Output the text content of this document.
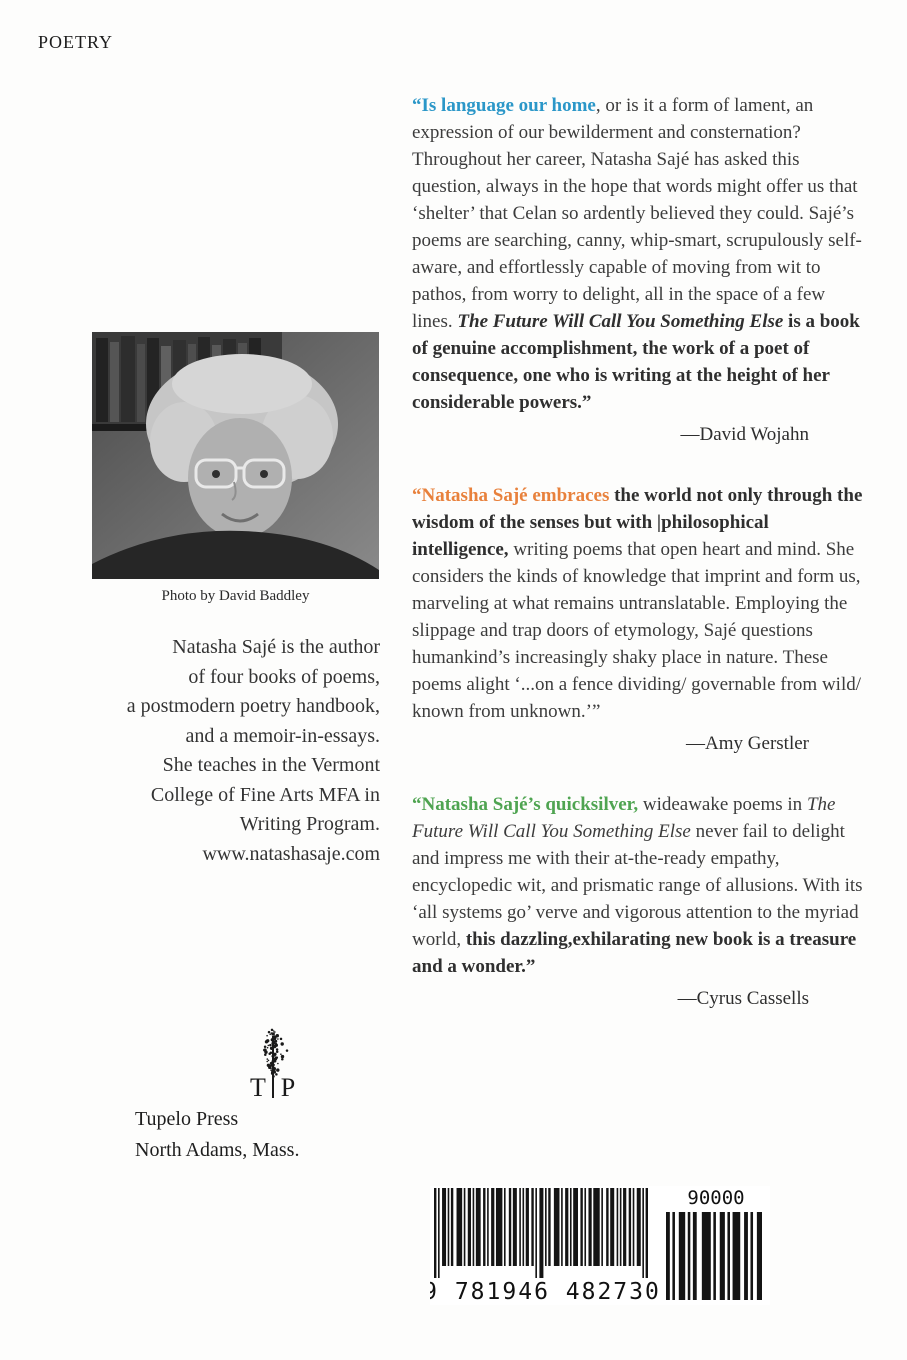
POETRY
Photo by David Baddley
Natasha Sajé is the author
of four books of poems,
a postmodern poetry handbook,
and a memoir-in-essays.
She teaches in the Vermont
College of Fine Arts MFA in
Writing Program.
www.natashasaje.com

“Is language our home, or is it a form of lament, an expression of our bewilderment and consternation? Throughout her career, Natasha Sajé has asked this question, always in the hope that words might offer us that ‘shelter’ that Celan so ardently believed they could. Sajé’s poems are searching, canny, whip-smart, scrupulously self-aware, and effortlessly capable of moving from wit to pathos, from worry to delight, all in the space of a few lines. The Future Will Call You Something Else is a book of genuine accomplishment, the work of a poet of consequence, one who is writing at the height of her considerable powers.”

—David Wojahn

“Natasha Sajé embraces the world not only through the wisdom of the senses but with |philosophical intelligence, writing poems that open heart and mind. She considers the kinds of knowledge that imprint and form us, marveling at what remains untranslatable. Employing the slippage and trap doors of etymology, Sajé questions humankind’s increasingly shaky place in nature. These poems alight ‘...on a fence dividing/ governable from wild/ known from unknown.’”

—Amy Gerstler

“Natasha Sajé’s quicksilver, wideawake poems in The Future Will Call You Something Else never fail to delight and impress me with their at-the-ready empathy, encyclopedic wit, and prismatic range of allusions. With its ‘all systems go’ verve and vigorous attention to the myriad world, this dazzling,exhilarating new book is a treasure and a wonder.”

—Cyrus Cassells

T P
Tupelo Press
North Adams, Mass.
90000
9 781946 482730
